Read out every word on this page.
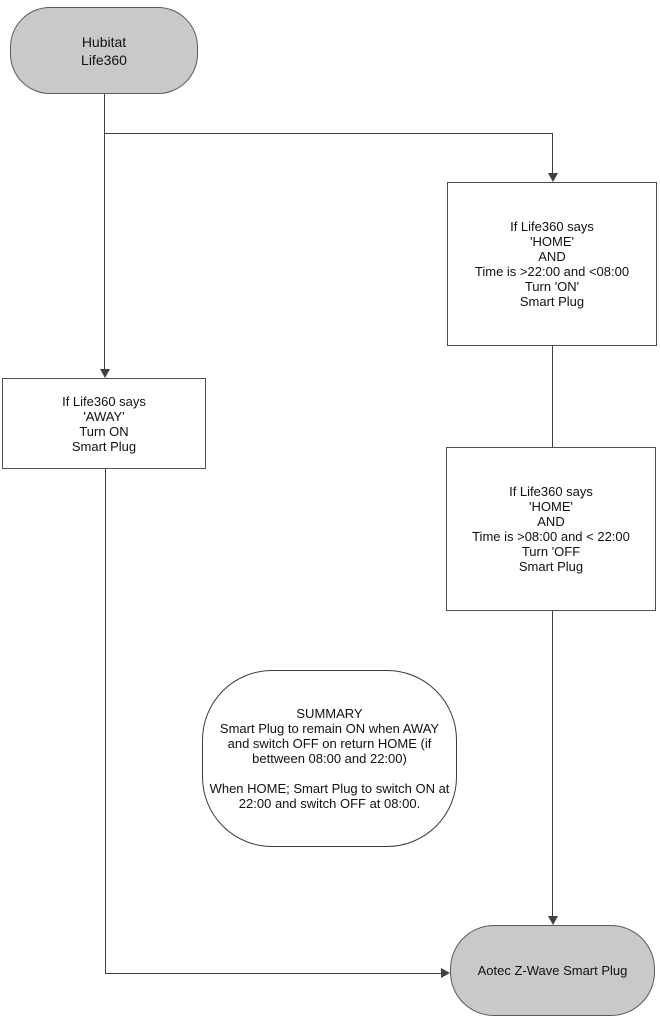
Hubitat
Life360
If Life360 says
'HOME'
AND
Time is >22:00 and <08:00
Turn 'ON'
Smart Plug
If Life360 says
'AWAY'
Turn ON
Smart Plug
If Life360 says
'HOME'
AND
Time is >08:00 and < 22:00
Turn 'OFF
Smart Plug
SUMMARY
Smart Plug to remain ON when AWAY
and switch OFF on return HOME (if
bettween 08:00 and 22:00)
When HOME; Smart Plug to switch ON at
22:00 and switch OFF at 08:00.
Aotec Z-Wave Smart Plug
